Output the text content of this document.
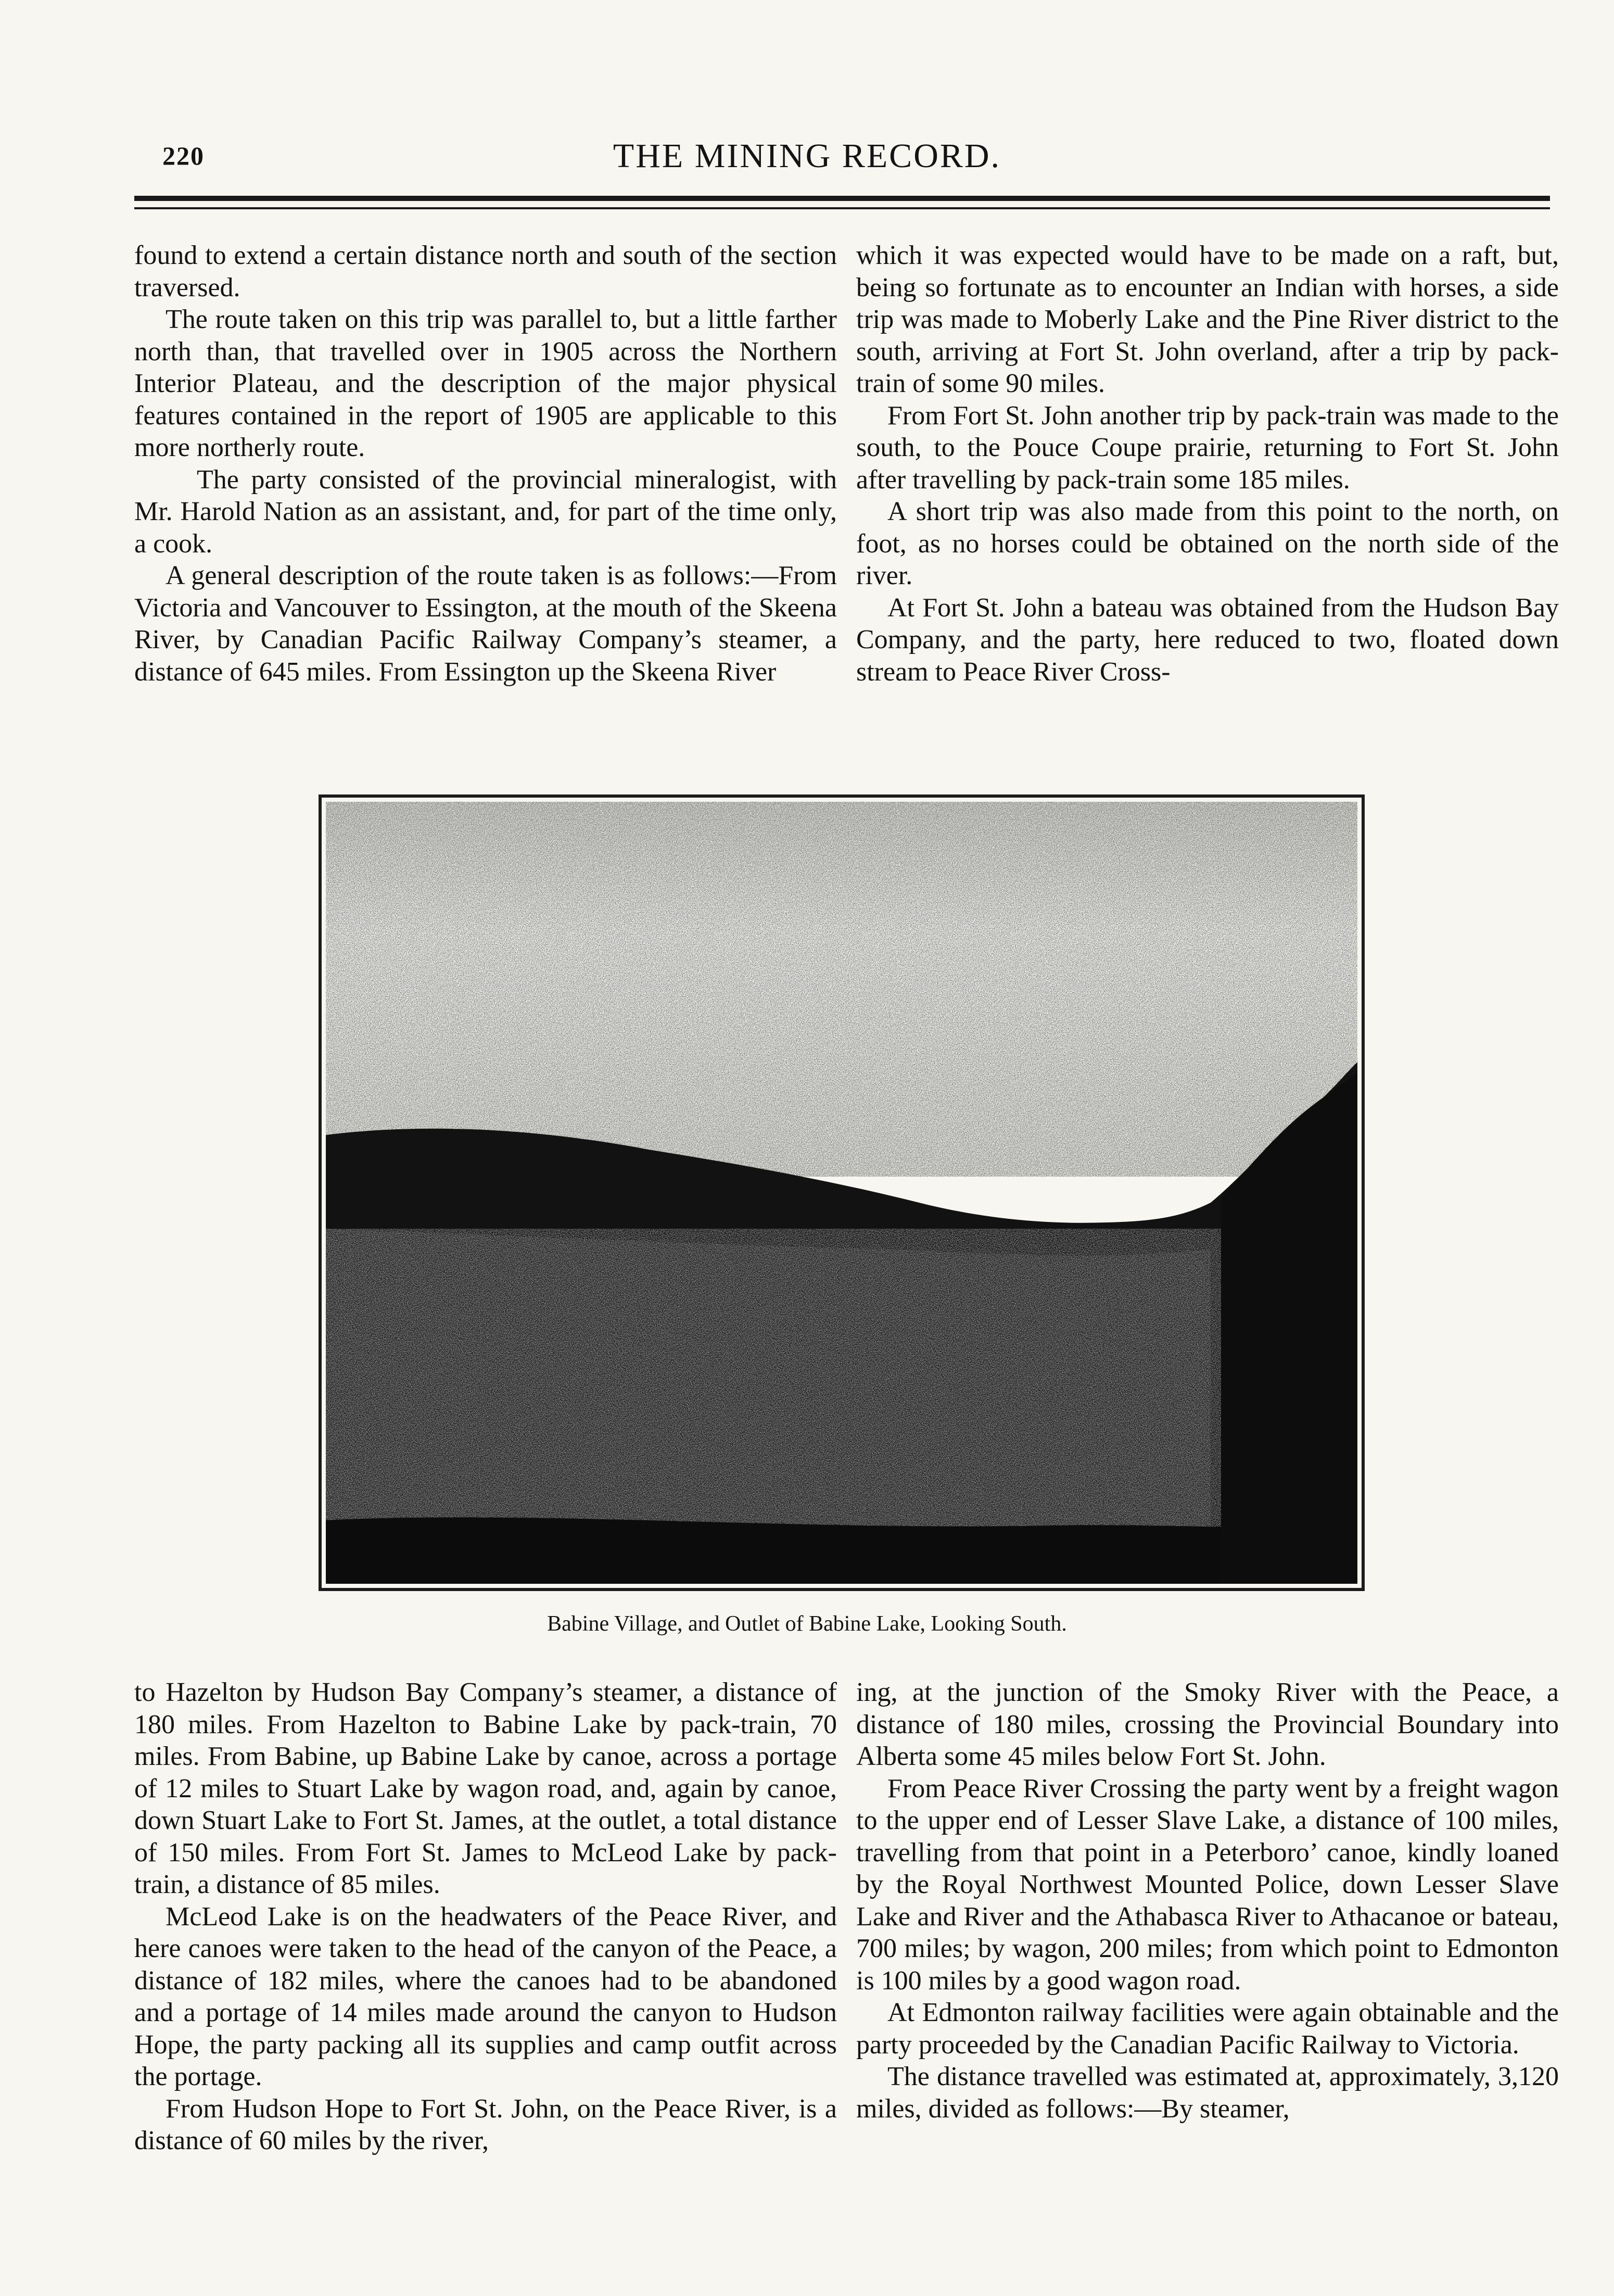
220	THE MINING RECORD.

found to extend a certain distance north and south of the section traversed.

The route taken on this trip was parallel to, but a little farther north than, that travelled over in 1905 across the Northern Interior Plateau, and the description of the major physical features contained in the report of 1905 are applicable to this more northerly route.

The party consisted of the provincial mineralogist, with Mr. Harold Nation as an assistant, and, for part of the time only, a cook.

A general description of the route taken is as follows:—From Victoria and Vancouver to Essington, at the mouth of the Skeena River, by Canadian Pacific Railway Company’s steamer, a distance of 645 miles. From Essington up the Skeena River

which it was expected would have to be made on a raft, but, being so fortunate as to encounter an Indian with horses, a side trip was made to Moberly Lake and the Pine River district to the south, arriving at Fort St. John overland, after a trip by pack-train of some 90 miles.

From Fort St. John another trip by pack-train was made to the south, to the Pouce Coupe prairie, returning to Fort St. John after travelling by pack-train some 185 miles.

A short trip was also made from this point to the north, on foot, as no horses could be obtained on the north side of the river.

At Fort St. John a bateau was obtained from the Hudson Bay Company, and the party, here reduced to two, floated down stream to Peace River Cross-

Babine Village, and Outlet of Babine Lake, Looking South.

to Hazelton by Hudson Bay Company’s steamer, a distance of 180 miles. From Hazelton to Babine Lake by pack-train, 70 miles. From Babine, up Babine Lake by canoe, across a portage of 12 miles to Stuart Lake by wagon road, and, again by canoe, down Stuart Lake to Fort St. James, at the outlet, a total distance of 150 miles. From Fort St. James to McLeod Lake by pack-train, a distance of 85 miles.

McLeod Lake is on the headwaters of the Peace River, and here canoes were taken to the head of the canyon of the Peace, a distance of 182 miles, where the canoes had to be abandoned and a portage of 14 miles made around the canyon to Hudson Hope, the party packing all its supplies and camp outfit across the portage.

From Hudson Hope to Fort St. John, on the Peace River, is a distance of 60 miles by the river,

ing, at the junction of the Smoky River with the Peace, a distance of 180 miles, crossing the Provincial Boundary into Alberta some 45 miles below Fort St. John.

From Peace River Crossing the party went by a freight wagon to the upper end of Lesser Slave Lake, a distance of 100 miles, travelling from that point in a Peterboro’ canoe, kindly loaned by the Royal Northwest Mounted Police, down Lesser Slave Lake and River and the Athabasca River to Athacanoe or bateau, 700 miles; by wagon, 200 miles; from which point to Edmonton is 100 miles by a good wagon road.

At Edmonton railway facilities were again obtainable and the party proceeded by the Canadian Pacific Railway to Victoria.

The distance travelled was estimated at, approximately, 3,120 miles, divided as follows:—By steamer,
